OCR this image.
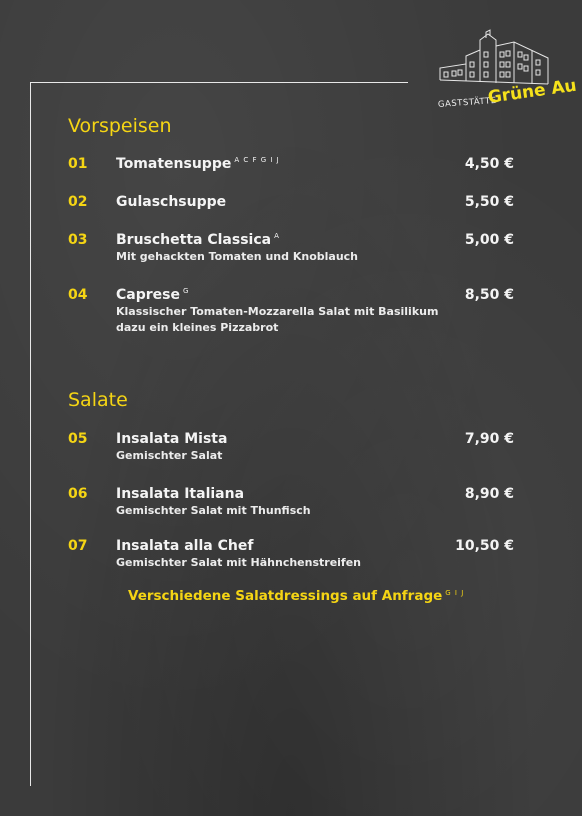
GASTSTÄTTE
Grüne Au
Vorspeisen
01 Tomatensuppe $^{A C F G I J}$	4,50 €
02 Gulaschsuppe	5,50 €
03 Bruschetta Classica $^A$
Mit gehackten Tomaten und Knoblauch
5,00 €
04 Caprese $^G$
Klassischer Tomaten-Mozzarella Salat mit Basilikum
dazu ein kleines Pizzabrot
8,50 €
Salate
05 Insalata Mista
Gemischter Salat
7,90 €
06 Insalata Italiana
Gemischter Salat mit Thunfisch
8,90 €
07 Insalata alla Chef
Gemischter Salat mit Hähnchenstreifen
10,50 €
Verschiedene Salatdressings auf Anfrage $^{G I J}$
